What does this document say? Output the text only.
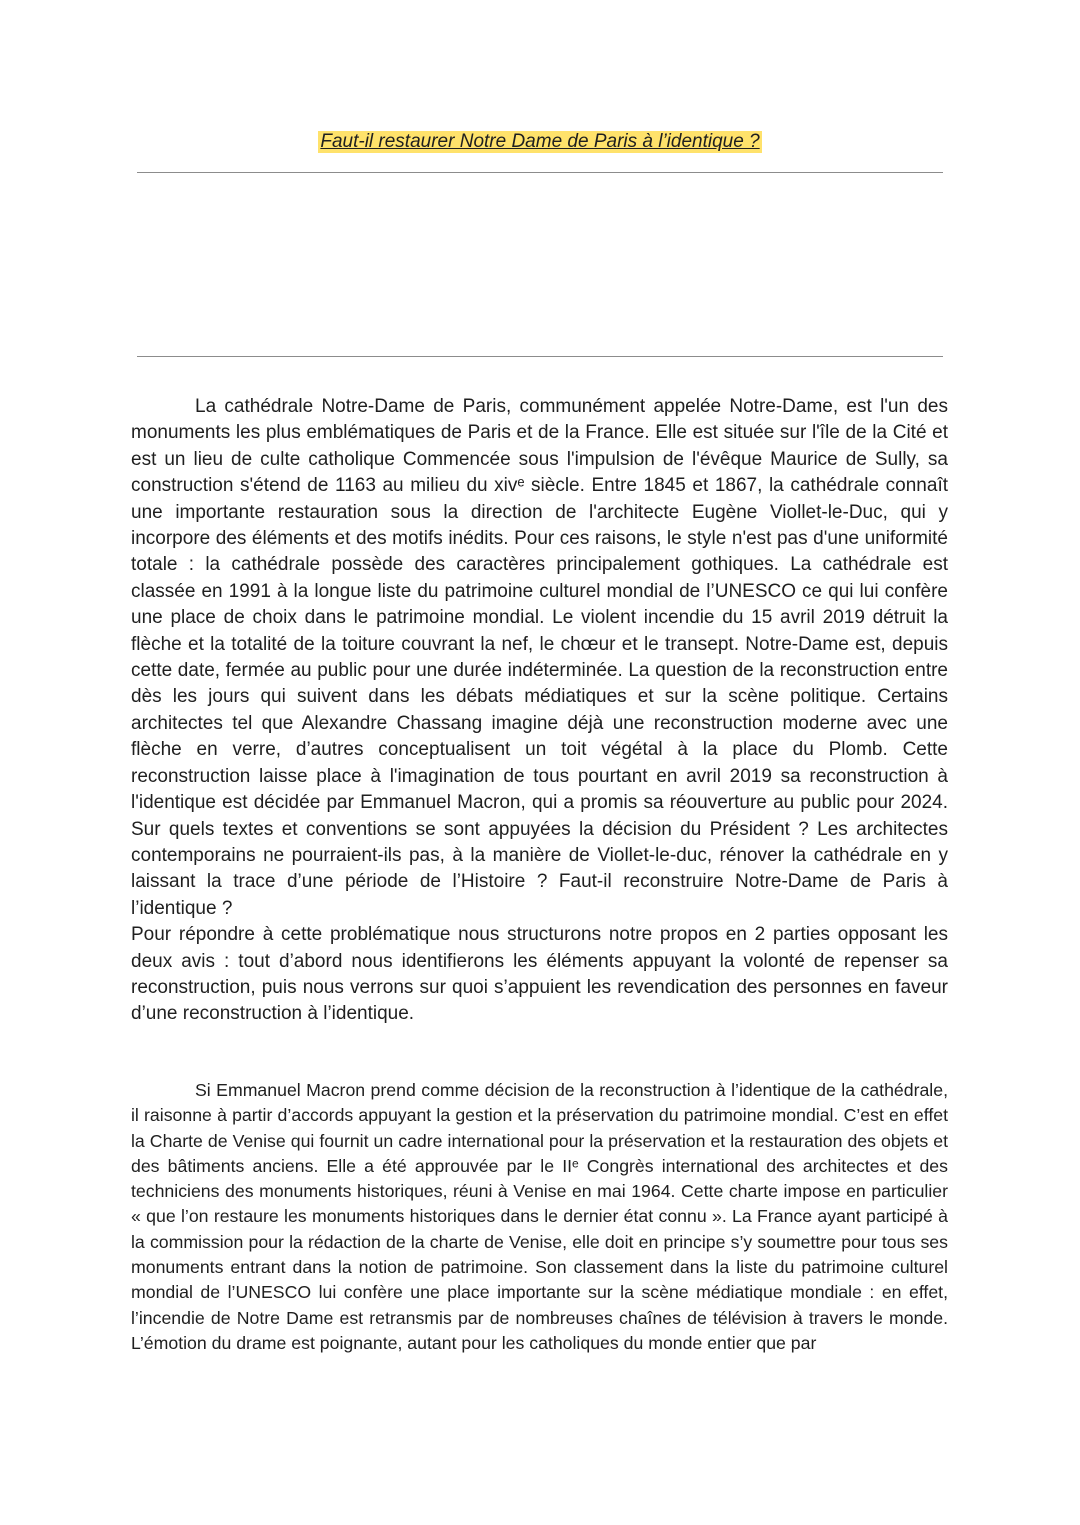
Faut-il restaurer Notre Dame de Paris à l’identique ?
La cathédrale Notre-Dame de Paris, communément appelée Notre-Dame, est l'un des monuments les plus emblématiques de Paris et de la France. Elle est située sur l'île de la Cité et est un lieu de culte catholique Commencée sous l'impulsion de l'évêque Maurice de Sully, sa construction s'étend de 1163 au milieu du xivᵉ siècle. Entre 1845 et 1867, la cathédrale connaît une importante restauration sous la direction de l'architecte Eugène Viollet-le-Duc, qui y incorpore des éléments et des motifs inédits. Pour ces raisons, le style n'est pas d'une uniformité totale : la cathédrale possède des caractères principalement gothiques. La cathédrale est classée en 1991 à la longue liste du patrimoine culturel mondial de l’UNESCO ce qui lui confère une place de choix dans le patrimoine mondial. Le violent incendie du 15 avril 2019 détruit la flèche et la totalité de la toiture couvrant la nef, le chœur et le transept. Notre-Dame est, depuis cette date, fermée au public pour une durée indéterminée. La question de la reconstruction entre dès les jours qui suivent dans les débats médiatiques et sur la scène politique. Certains architectes tel que Alexandre Chassang imagine déjà une reconstruction moderne avec une flèche en verre, d’autres conceptualisent un toit végétal à la place du Plomb. Cette reconstruction laisse place à l'imagination de tous pourtant en avril 2019 sa reconstruction à l'identique est décidée par Emmanuel Macron, qui a promis sa réouverture au public pour 2024. Sur quels textes et conventions se sont appuyées la décision du Président ? Les architectes contemporains ne pourraient-ils pas, à la manière de Viollet-le-duc, rénover la cathédrale en y laissant la trace d’une période de l’Histoire ? Faut-il reconstruire Notre-Dame de Paris à l’identique ?
Pour répondre à cette problématique nous structurons notre propos en 2 parties opposant les deux avis : tout d’abord nous identifierons les éléments appuyant la volonté de repenser sa reconstruction, puis nous verrons sur quoi s’appuient les revendication des personnes en faveur d’une reconstruction à l’identique.

Si Emmanuel Macron prend comme décision de la reconstruction à l’identique de la cathédrale, il raisonne à partir d’accords appuyant la gestion et la préservation du patrimoine mondial. C’est en effet la Charte de Venise qui fournit un cadre international pour la préservation et la restauration des objets et des bâtiments anciens. Elle a été approuvée par le IIᵉ Congrès international des architectes et des techniciens des monuments historiques, réuni à Venise en mai 1964. Cette charte impose en particulier « que l’on restaure les monuments historiques dans le dernier état connu ». La France ayant participé à la commission pour la rédaction de la charte de Venise, elle doit en principe s’y soumettre pour tous ses monuments entrant dans la notion de patrimoine. Son classement dans la liste du patrimoine culturel mondial de l’UNESCO lui confère une place importante sur la scène médiatique mondiale : en effet, l’incendie de Notre Dame est retransmis par de nombreuses chaînes de télévision à travers le monde. L’émotion du drame est poignante, autant pour les catholiques du monde entier que par
